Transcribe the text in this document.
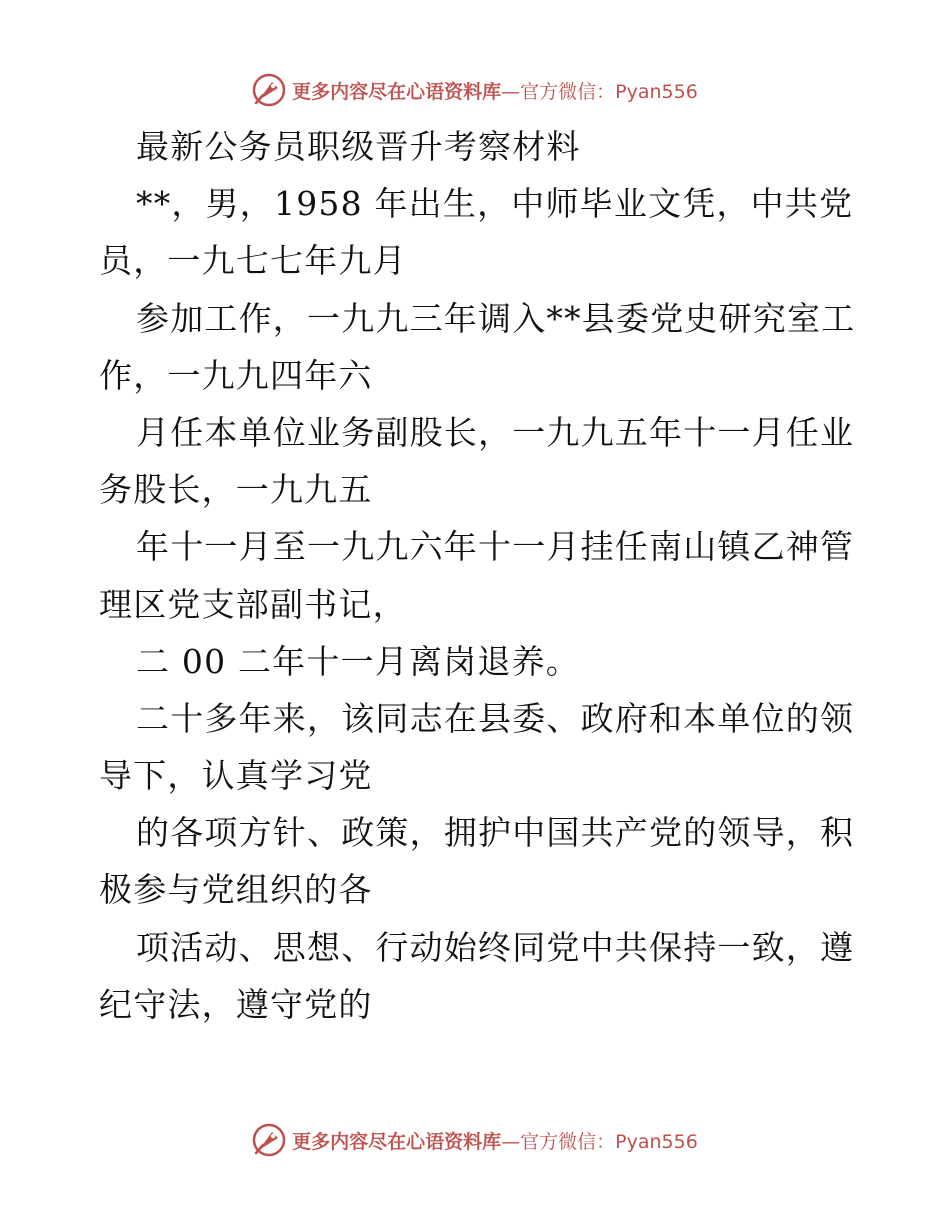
更多内容尽在心语资料库 —官方微信：Pyan556
最新公务员职级晋升考察材料
**，男，1958 年出生，中师毕业文凭，中共党
员，一九七七年九月
参加工作，一九九三年调入**县委党史研究室工
作，一九九四年六
月任本单位业务副股长，一九九五年十一月任业
务股长，一九九五
年十一月至一九九六年十一月挂任南山镇乙神管
理区党支部副书记，
二 00 二年十一月离岗退养。
二十多年来，该同志在县委、政府和本单位的领
导下，认真学习党
的各项方针、政策，拥护中国共产党的领导，积
极参与党组织的各
项活动、思想、行动始终同党中共保持一致，遵
纪守法，遵守党的
更多内容尽在心语资料库 —官方微信：Pyan556
